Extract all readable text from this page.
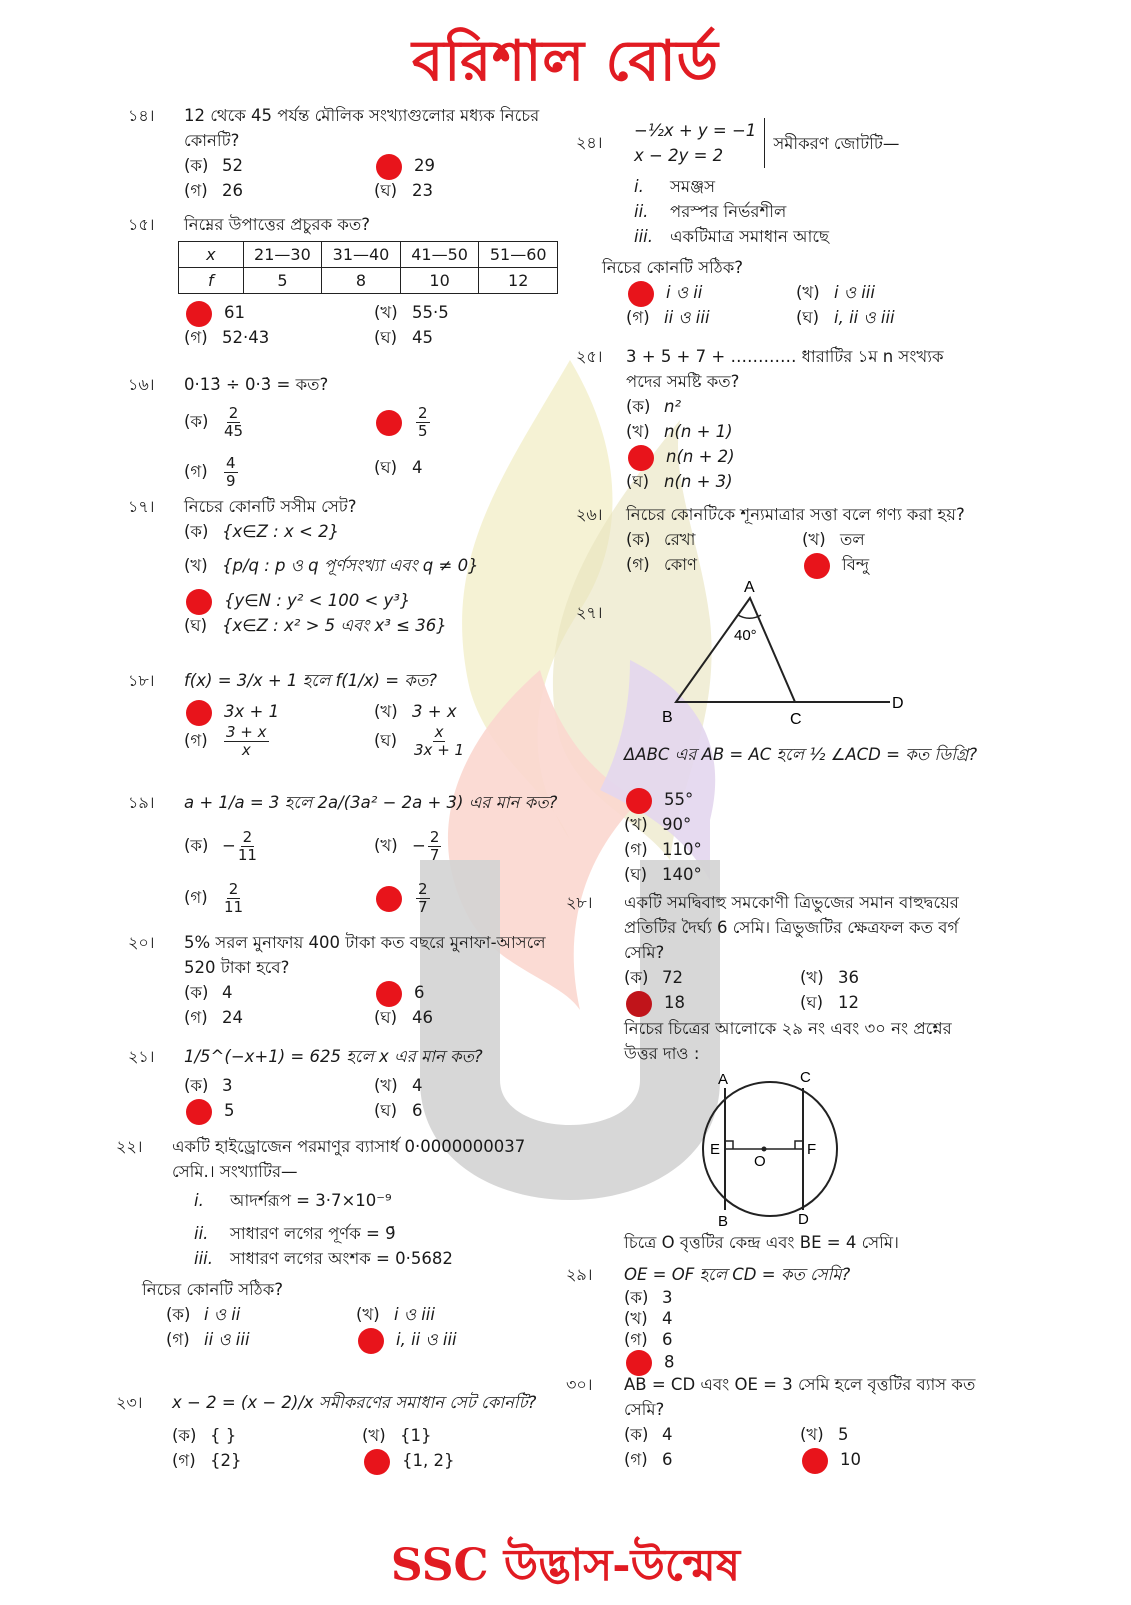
বরিশাল বোর্ড
১৪।	12 থেকে 45 পর্যন্ত মৌলিক সংখ্যাগুলোর মধ্যক নিচের কোনটি?

(ক) 52	29
(গ) 26	(ঘ) 23
১৫।	নিম্নের উপাত্তের প্রচুরক কত?

x	21—30	31—40	41—50	51—60
f	5	8	10	12
61	(খ) 55·5
(গ) 52·43	(ঘ) 45
১৬।	0·13̇ ÷ 0·3̇ = কত?

(ক) $\frac{2}{45}$	$\frac{2}{5}$
(গ) $\frac{4}{9}$	(ঘ) 4
১৭।	নিচের কোনটি সসীম সেট?

(ক) {x∈Z : x < 2}
(খ) {p/q : p ও q পূর্ণসংখ্যা এবং q ≠ 0}
{y∈N : y² < 100 < y³}
(ঘ) {x∈Z : x² > 5 এবং x³ ≤ 36}
১৮।	f(x) = 3/x + 1 হলে f(1/x) = কত?

3x + 1	(খ) 3 + x
(গ) $\frac{3 + x}{x}$	(ঘ) $\frac{x}{3x + 1}$
১৯।	a + 1/a = 3 হলে 2a/(3a² − 2a + 3) এর মান কত?

(ক) − $\frac{2}{11}$	(খ) − $\frac{2}{7}$
(গ) $\frac{2}{11}$	$\frac{2}{7}$
২০।	5% সরল মুনাফায় 400 টাকা কত বছরে মুনাফা-আসলে 520 টাকা হবে?

(ক) 4	6
(গ) 24	(ঘ) 46
২১।	1/5^(−x+1) = 625 হলে x এর মান কত?

(ক) 3	(খ) 4
5	(ঘ) 6
২২।	একটি হাইড্রোজেন পরমাণুর ব্যাসার্ধ 0·0000000037 সেমি.। সংখ্যাটির—

i. আদর্শরূপ = 3·7×10⁻⁹
ii. সাধারণ লগের পূর্ণক = 9̄
iii. সাধারণ লগের অংশক = 0·5682

নিচের কোনটি সঠিক?

(ক) i ও ii	(খ) i ও iii
(গ) ii ও iii	i, ii ও iii
২৩।	x − 2 = (x − 2)/x সমীকরণের সমাধান সেট কোনটি?

(ক) { }	(খ) {1}
(গ) {2}	{1, 2}
২৪।
−½x + y = −1
x − 2y = 2
সমীকরণ জোটটি—
i. সমঞ্জস
ii. পরস্পর নির্ভরশীল
iii. একটিমাত্র সমাধান আছে

নিচের কোনটি সঠিক?

i ও ii	(খ) i ও iii
(গ) ii ও iii	(ঘ) i, ii ও iii
২৫।	3 + 5 + 7 + ………… ধারাটির ১ম n সংখ্যক পদের সমষ্টি কত?

(ক) n²
(খ) n(n + 1)
n(n + 2)
(ঘ) n(n + 3)
২৬।	নিচের কোনটিকে শূন্যমাত্রার সত্তা বলে গণ্য করা হয়?

(ক) রেখা	(খ) তল
(গ) কোণ	বিন্দু
২৭।
A
B	C
D
40°

ΔABC এর AB = AC হলে ½ ∠ACD = কত ডিগ্রি?

55°
(খ) 90°
(গ) 110°
(ঘ) 140°
২৮।	একটি সমদ্বিবাহু সমকোণী ত্রিভুজের সমান বাহুদ্বয়ের প্রতিটির দৈর্ঘ্য 6 সেমি। ত্রিভুজটির ক্ষেত্রফল কত বর্গ সেমি?

(ক) 72	(খ) 36
18	(ঘ) 12
নিচের চিত্রের আলোকে ২৯ নং এবং ৩০ নং প্রশ্নের উত্তর দাও :
A	C
E	F
O
B	D
চিত্রে O বৃত্তটির কেন্দ্র এবং BE = 4 সেমি।
২৯।	OE = OF হলে CD = কত সেমি?

(ক) 3
(খ) 4
(গ) 6
8
৩০।	AB = CD এবং OE = 3 সেমি হলে বৃত্তটির ব্যাস কত সেমি?

(ক) 4	(খ) 5
(গ) 6	10
SSC উদ্ভাস-উন্মেষ
